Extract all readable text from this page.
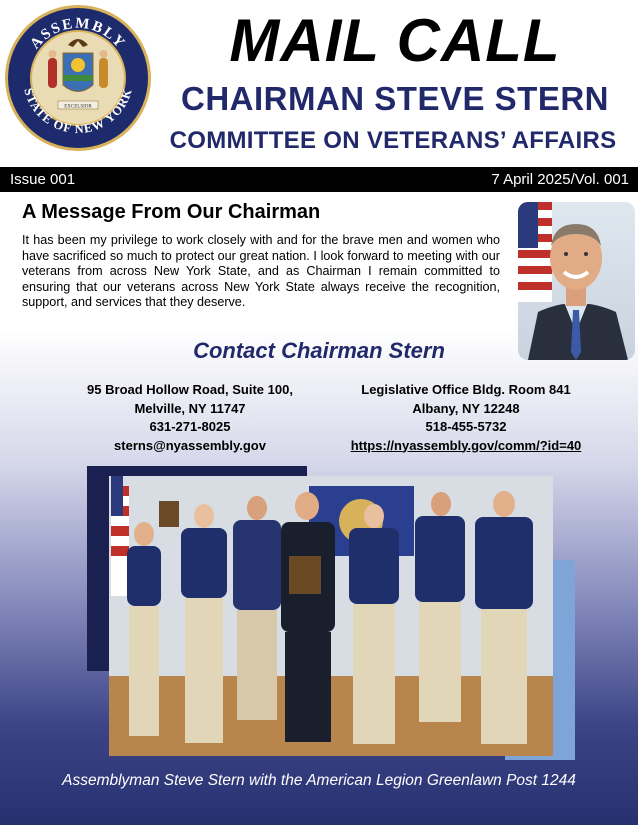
EXCELSIOR
ASSEMBLY
STATE OF NEW YORK
MAIL CALL
CHAIRMAN STEVE STERN
COMMITTEE ON VETERANS’ AFFAIRS
Issue 001	7 April 2025/Vol. 001
A Message From Our Chairman
It has been my privilege to work closely with and for the brave men and women who have sacrificed so much to protect our great nation. I look forward to meeting with our veterans from across New York State, and as Chairman I remain committed to ensuring that our veterans across New York State always receive the recognition, support, and services that they deserve.
Contact Chairman Stern
95 Broad Hollow Road, Suite 100,
Melville, NY 11747
631-271-8025
sterns@nyassembly.gov
Legislative Office Bldg. Room 841
Albany, NY 12248
518-455-5732
https://nyassembly.gov/comm/?id=40
Assemblyman Steve Stern with the American Legion Greenlawn Post 1244
